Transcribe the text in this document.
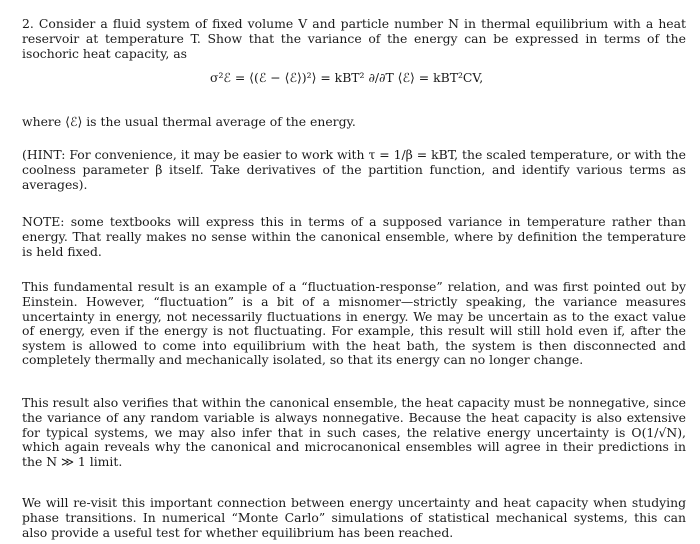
2. Consider a fluid system of fixed volume V and particle number N in thermal equilibrium with a heat reservoir at temperature T. Show that the variance of the energy can be expressed in terms of the isochoric heat capacity, as

σ²ℰ = ⟨(ℰ − ⟨ℰ⟩)²⟩ = kBT² ∂/∂T ⟨ℰ⟩ = kBT²CV,

where ⟨ℰ⟩ is the usual thermal average of the energy.

(HINT: For convenience, it may be easier to work with τ = 1/β = kBT, the scaled temperature, or with the coolness parameter β itself. Take derivatives of the partition function, and identify various terms as averages).

NOTE: some textbooks will express this in terms of a supposed variance in temperature rather than energy. That really makes no sense within the canonical ensemble, where by definition the temperature is held fixed.

This fundamental result is an example of a “fluctuation-response” relation, and was first pointed out by Einstein. However, “fluctuation” is a bit of a misnomer—strictly speaking, the variance measures uncertainty in energy, not necessarily fluctuations in energy. We may be uncertain as to the exact value of energy, even if the energy is not fluctuating. For example, this result will still hold even if, after the system is allowed to come into equilibrium with the heat bath, the system is then disconnected and completely thermally and mechanically isolated, so that its energy can no longer change.

This result also verifies that within the canonical ensemble, the heat capacity must be nonnegative, since the variance of any random variable is always nonnegative. Because the heat capacity is also extensive for typical systems, we may also infer that in such cases, the relative energy uncertainty is O(1/√N), which again reveals why the canonical and microcanonical ensembles will agree in their predictions in the N ≫ 1 limit.

We will re-visit this important connection between energy uncertainty and heat capacity when studying phase transitions. In numerical “Monte Carlo” simulations of statistical mechanical systems, this can also provide a useful test for whether equilibrium has been reached.
